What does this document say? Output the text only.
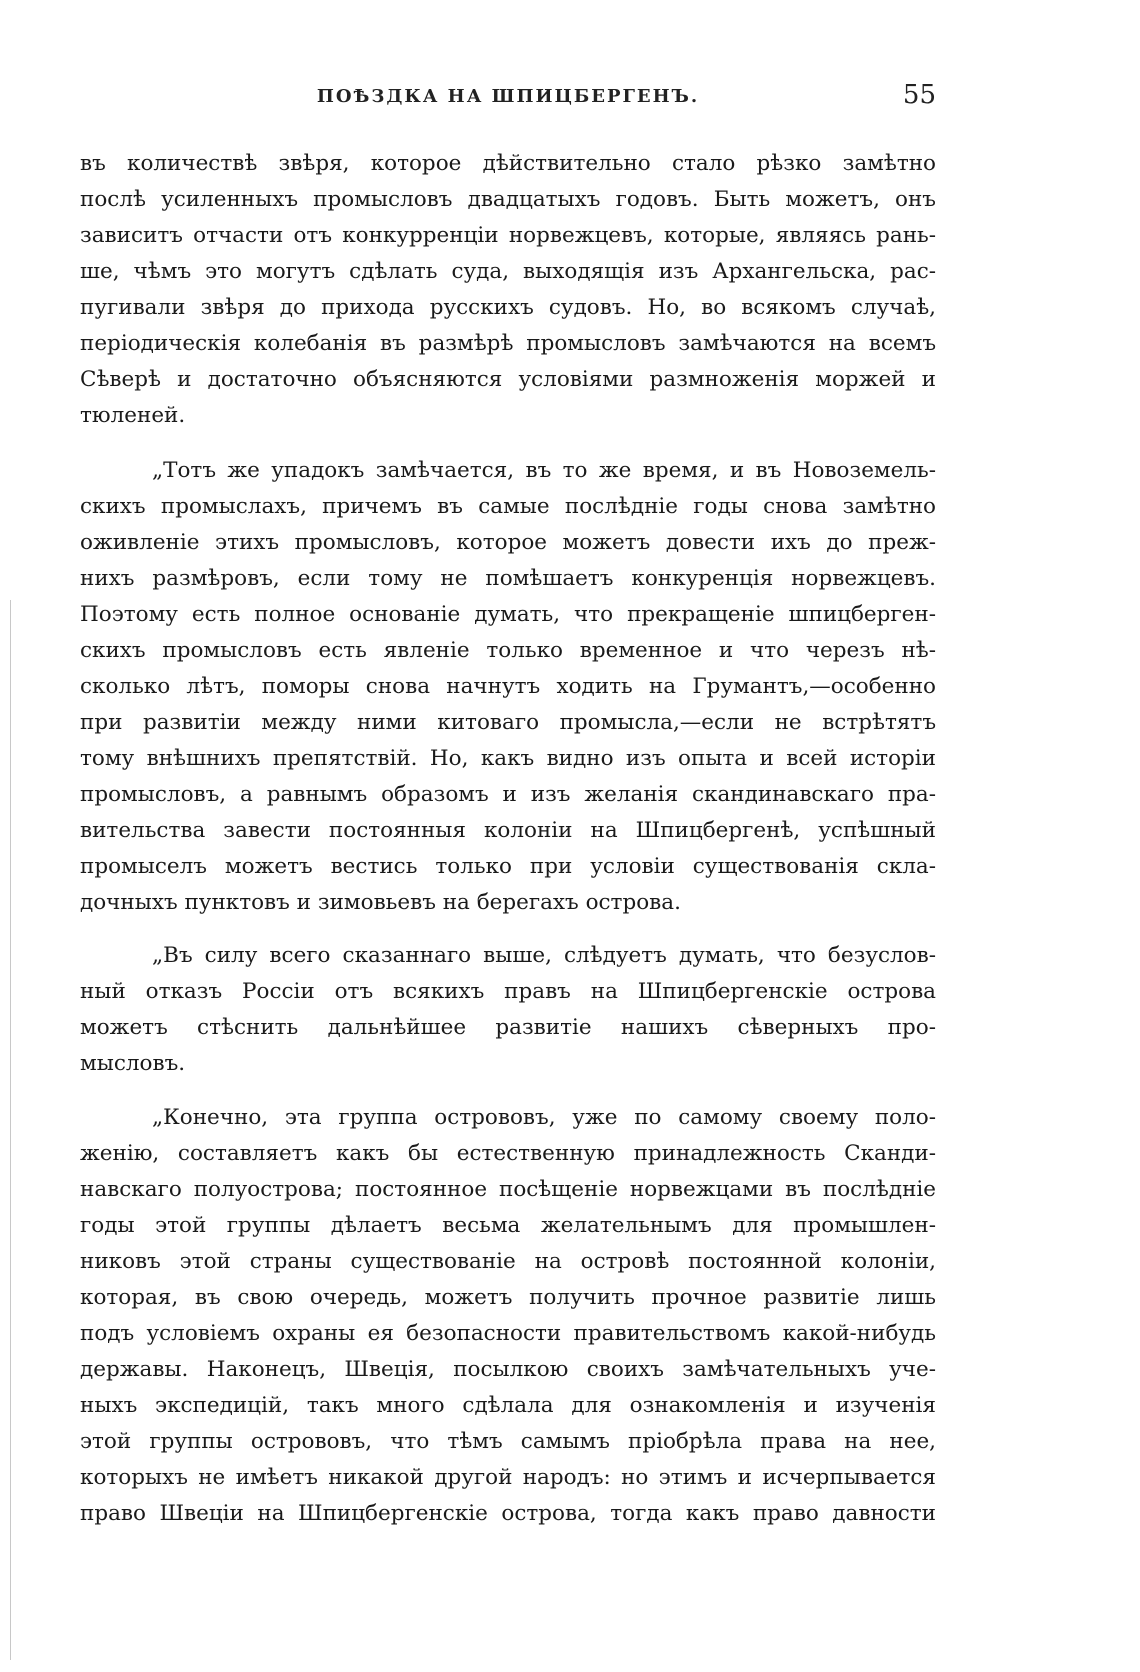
ПОѢЗДКА НА ШПИЦБЕРГЕНЪ.	55
въ количествѣ звѣря, которое дѣйствительно стало рѣзко замѣтно
послѣ усиленныхъ промысловъ двадцатыхъ годовъ. Быть можетъ, онъ
зависитъ отчасти отъ конкурренціи норвежцевъ, которые, являясь рань-
ше, чѣмъ это могутъ сдѣлать суда, выходящія изъ Архангельска, рас-
пугивали звѣря до прихода русскихъ судовъ. Но, во всякомъ случаѣ,
періодическія колебанія въ размѣрѣ промысловъ замѣчаются на всемъ
Сѣверѣ и достаточно объясняются условіями размноженія моржей и
тюленей.
„Тотъ же упадокъ замѣчается, въ то же время, и въ Новоземель-
скихъ промыслахъ, причемъ въ самые послѣдніе годы снова замѣтно
оживленіе этихъ промысловъ, которое можетъ довести ихъ до преж-
нихъ размѣровъ, если тому не помѣшаетъ конкуренція норвежцевъ.
Поэтому есть полное основаніе думать, что прекращеніе шпицберген-
скихъ промысловъ есть явленіе только временное и что черезъ нѣ-
сколько лѣтъ, поморы снова начнутъ ходить на Грумантъ,—особенно
при развитіи между ними китоваго промысла,—если не встрѣтятъ
тому внѣшнихъ препятствій. Но, какъ видно изъ опыта и всей исторіи
промысловъ, а равнымъ образомъ и изъ желанія скандинавскаго пра-
вительства завести постоянныя колоніи на Шпицбергенѣ, успѣшный
промыселъ можетъ вестись только при условіи существованія скла-
дочныхъ пунктовъ и зимовьевъ на берегахъ острова.
„Въ силу всего сказаннаго выше, слѣдуетъ думать, что безуслов-
ный отказъ Россіи отъ всякихъ правъ на Шпицбергенскіе острова
можетъ стѣснить дальнѣйшее развитіе нашихъ сѣверныхъ про-
мысловъ.
„Конечно, эта группа острововъ, уже по самому своему поло-
женію, составляетъ какъ бы естественную принадлежность Сканди-
навскаго полуострова; постоянное посѣщеніе норвежцами въ послѣдніе
годы этой группы дѣлаетъ весьма желательнымъ для промышлен-
никовъ этой страны существованіе на островѣ постоянной колоніи,
которая, въ свою очередь, можетъ получить прочное развитіе лишь
подъ условіемъ охраны ея безопасности правительствомъ какой-нибудь
державы. Наконецъ, Швеція, посылкою своихъ замѣчательныхъ уче-
ныхъ экспедицій, такъ много сдѣлала для ознакомленія и изученія
этой группы острововъ, что тѣмъ самымъ пріобрѣла права на нее,
которыхъ не имѣетъ никакой другой народъ: но этимъ и исчерпывается
право Швеціи на Шпицбергенскіе острова, тогда какъ право давности
